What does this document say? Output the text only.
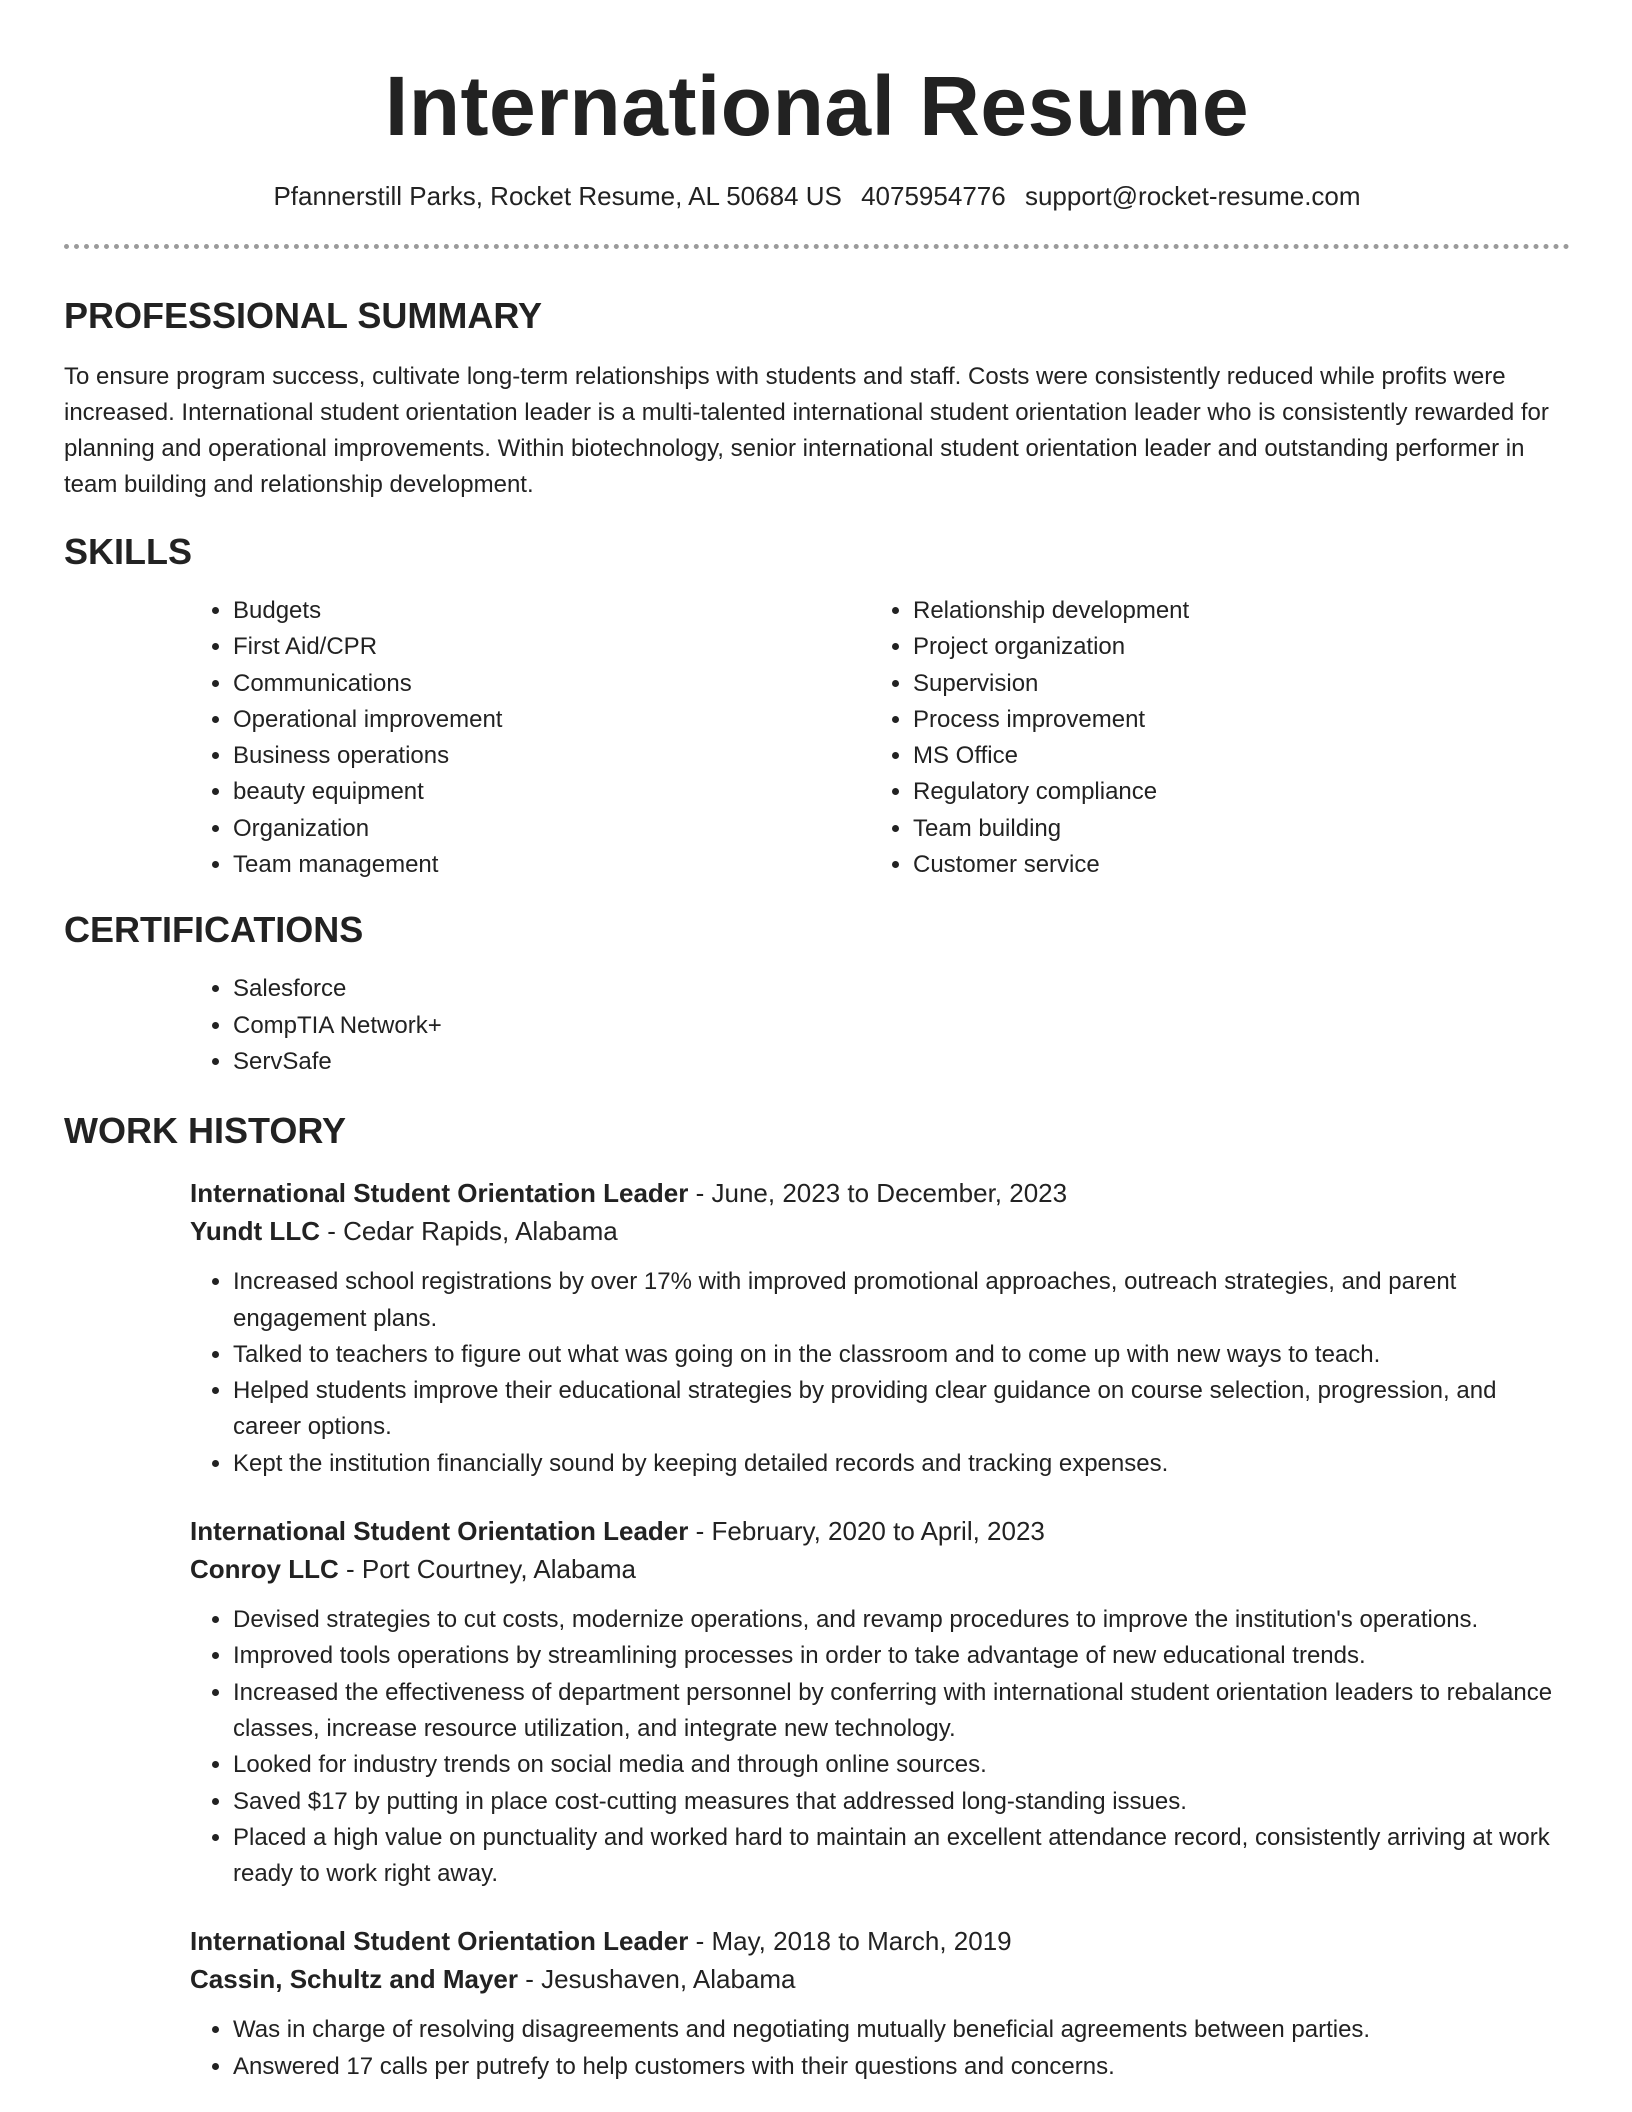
International Resume
Pfannerstill Parks, Rocket Resume, AL 50684 US 4075954776 support@rocket-resume.com
PROFESSIONAL SUMMARY

To ensure program success, cultivate long-term relationships with students and staff. Costs were consistently reduced while profits were increased. International student orientation leader is a multi-talented international student orientation leader who is consistently rewarded for planning and operational improvements. Within biotechnology, senior international student orientation leader and outstanding performer in team building and relationship development.

SKILLS
• Budgets
• First Aid/CPR
• Communications
• Operational improvement
• Business operations
• beauty equipment
• Organization
• Team management
• Relationship development
• Project organization
• Supervision
• Process improvement
• MS Office
• Regulatory compliance
• Team building
• Customer service
CERTIFICATIONS
• Salesforce
• CompTIA Network+
• ServSafe
WORK HISTORY

International Student Orientation Leader - June, 2023 to December, 2023

Yundt LLC - Cedar Rapids, Alabama

• Increased school registrations by over 17% with improved promotional approaches, outreach strategies, and parent engagement plans.
• Talked to teachers to figure out what was going on in the classroom and to come up with new ways to teach.
• Helped students improve their educational strategies by providing clear guidance on course selection, progression, and career options.
• Kept the institution financially sound by keeping detailed records and tracking expenses.

International Student Orientation Leader - February, 2020 to April, 2023

Conroy LLC - Port Courtney, Alabama

• Devised strategies to cut costs, modernize operations, and revamp procedures to improve the institution's operations.
• Improved tools operations by streamlining processes in order to take advantage of new educational trends.
• Increased the effectiveness of department personnel by conferring with international student orientation leaders to rebalance classes, increase resource utilization, and integrate new technology.
• Looked for industry trends on social media and through online sources.
• Saved $17 by putting in place cost-cutting measures that addressed long-standing issues.
• Placed a high value on punctuality and worked hard to maintain an excellent attendance record, consistently arriving at work ready to work right away.

International Student Orientation Leader - May, 2018 to March, 2019

Cassin, Schultz and Mayer - Jesushaven, Alabama

• Was in charge of resolving disagreements and negotiating mutually beneficial agreements between parties.
• Answered 17 calls per putrefy to help customers with their questions and concerns.
